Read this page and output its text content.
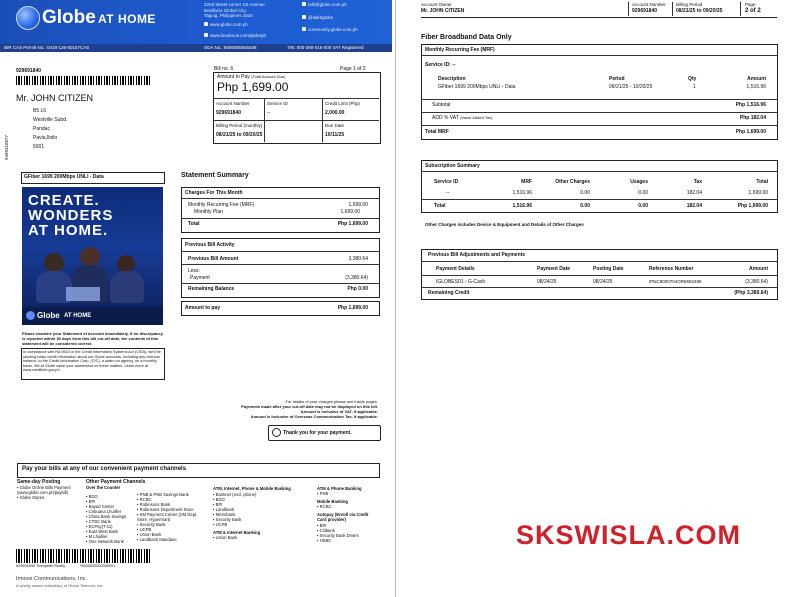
Globe AT HOME
22nd Street corner 1st Avenue
Bonifacio Global City,
Taguig, Philippines 1634
www.globe.com.ph
www.facebook.com/globeph
talk@globe.com.ph
@talk2globe
community.globe.com.ph
BIR CAS Permit No.: 0418-126-00167CAS	SOA No.: 8000000846408	TIN: 000-390-016-000 VAT Registered
929691840
Mr. JOHN CITIZEN
B5 L6
Westville Subd.
Pandac
Pavia,Iloilo
5001
9499416877
Bill no. 6	Page 1 of 2
Amount to Pay (Total Amount Due)
Php 1,699.00
Account Number
929691840
Service ID
--
Credit Limit (Php)
2,000.00
Billing Period (monthly)
08/21/25 to 09/20/25
Due Date
10/11/25
GFiber 1699 200Mbps UNLI - Data
CREATE.
WONDERS
AT HOME.
Globe AT HOME
Please examine your Statement of Account immediately. If no discrepancy is reported within 30 days from this bill cut-off date, the contents of this statement will be considered correct.
In compliance with RA 9510 or the Credit Information Systems Act (CISA), we'll be sending basic credit information about our Globe accounts, including any overdue balance, to the Credit Information Corp. (CIC), a state-run agency, on a monthly basis. We at Globe value your awareness on these matters. Learn more at www.creditinfo.gov.ph.
Statement Summary
Charges For This Month
Monthly Recurring Fee (MRF)	1,699.00
Monthly Plan	1,699.00
Total	Php 1,699.00
Previous Bill Activity
Previous Bill Amount	3,380.64
Less:
Payment	(3,380.64)
Remaining Balance	Php 0.00
Amount to pay	Php 1,699.00
For details of your charges please see inside pages.
Payments made after your cut-off date may not be displayed on this bill.
Amount is inclusive of VAT, if applicable.
Amount is inclusive of Overseas Communication Tax, if applicable.
Thank you for your payment.
Pay your bills at any of our convenient payment channels
Same-day Posting
▪ Globe Online Bills Payment (www.globe.com.ph/paybill)
▪ Globe Stores
Other Payment Channels
Over the Counter
▪ BDO
▪ BPI
▪ Bayad Center
▪ Cebuana Lhuillier
▪ China Bank Savings
▪ CTBC Bank
▪ ECPay(7-11)
▪ East West Bank
▪ M Lhuillier
▪ One Network Bank
▪ PNB & PNB Savings Bank
▪ RCBC
▪ Robinsons Bank
▪ Robinsons Department Store
▪ SM Payment Center (SM Dept. Store, Hypermart)
▪ Security Bank
▪ UCPB
▪ Union Bank
▪ Landbank Mandaue
ATM, Internet, Phone & Mobile Banking
▪ Banknet (excl. phone)
▪ BDO
▪ BPI
▪ Landbank
▪ Metrobank
▪ Security Bank
▪ UCPB
ATM & Internet Banking
▪ Union Bank
ATM & Phone Banking
▪ PNB
Mobile Banking
▪ RCBC
Autopay (Enroll via Credit Card provider)
▪ BPI
▪ Citibank
▪ Security Bank Diners
▪ HSBC
929691840 Trompeter?Notify	*8000000000000001
Innove Communications, Inc.
A wholly owned subsidiary of Globe Telecom, Inc.
Account Owner
Mr. JOHN CITIZEN
Account Number
929691840
Billing Period
08/21/25 to 09/20/25
Page
2 of 2
Fiber Broadband Data Only
Monthly Recurring Fee (MRF)
Service ID: --
Description	Period	Qty	Amount
GFiber 1699 200Mbps UNLI - Data	09/21/25 - 10/20/25	1	1,516.96
Subtotal	Php 1,516.96
ADD % VAT (Value Added Tax)	Php 182.04
Total MRF	Php 1,699.00
Subscription Summary
Service ID	MRF	Other Charges	Usages	Tax	Total
--	1,516.96	0.00	0.00	182.04	1,699.00
Total	1,516.96	0.00	0.00	182.04	Php 1,699.00
Other Charges includes Device & Equipment and Details of Other Charges
Previous Bill Adjustments and Payments
Payment Details	Payment Date	Posting Date	Reference Number	Amount
IGLOBES01 - G-Cash	08/24/25	08/24/25	IPNC8000704OR5692498	(3,380.64)
Remaining Credit	(Php 3,380.64)
SKSWISLA.COM
